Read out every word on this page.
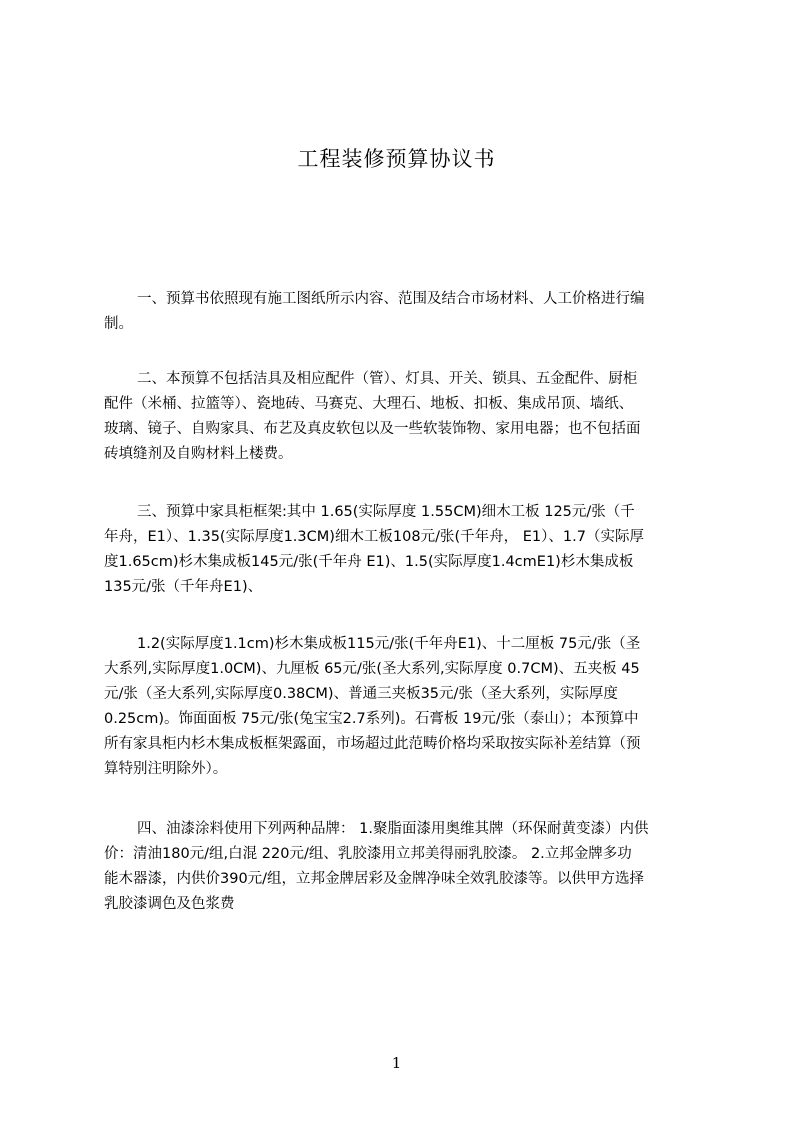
工程装修预算协议书
一、预算书依照现有施工图纸所示内容、范围及结合市场材料、人工价格进行编
制。
二、本预算不包括洁具及相应配件（管）、灯具、开关、锁具、五金配件、厨柜
配件（米桶、拉篮等）、瓷地砖、马赛克、大理石、地板、扣板、集成吊顶、墙纸、
玻璃、镜子、自购家具、布艺及真皮软包以及一些软装饰物、家用电器；也不包括面
砖填缝剂及自购材料上楼费。
三、预算中家具柜框架:其中 1.65(实际厚度 1.55CM)细木工板 125元/张（千
年舟，E1）、1.35(实际厚度1.3CM)细木工板108元/张(千年舟， E1）、1.7（实际厚
度1.65cm)杉木集成板145元/张(千年舟 E1)、1.5(实际厚度1.4cmE1)杉木集成板
135元/张（千年舟E1)、
1.2(实际厚度1.1cm)杉木集成板115元/张(千年舟E1)、十二厘板 75元/张（圣
大系列,实际厚度1.0CM)、九厘板 65元/张(圣大系列,实际厚度 0.7CM)、五夹板 45
元/张（圣大系列,实际厚度0.38CM)、普通三夹板35元/张（圣大系列，实际厚度
0.25cm)。饰面面板 75元/张(兔宝宝2.7系列)。石膏板 19元/张（泰山）；本预算中
所有家具柜内杉木集成板框架露面，市场超过此范畴价格均采取按实际补差结算（预
算特别注明除外）。
四、油漆涂料使用下列两种品牌： 1.聚脂面漆用奥维其牌（环保耐黄变漆）内供
价：清油180元/组,白混 220元/组、乳胶漆用立邦美得丽乳胶漆。 2.立邦金牌多功
能木器漆，内供价390元/组，立邦金牌居彩及金牌净味全效乳胶漆等。以供甲方选择
乳胶漆调色及色浆费
1
